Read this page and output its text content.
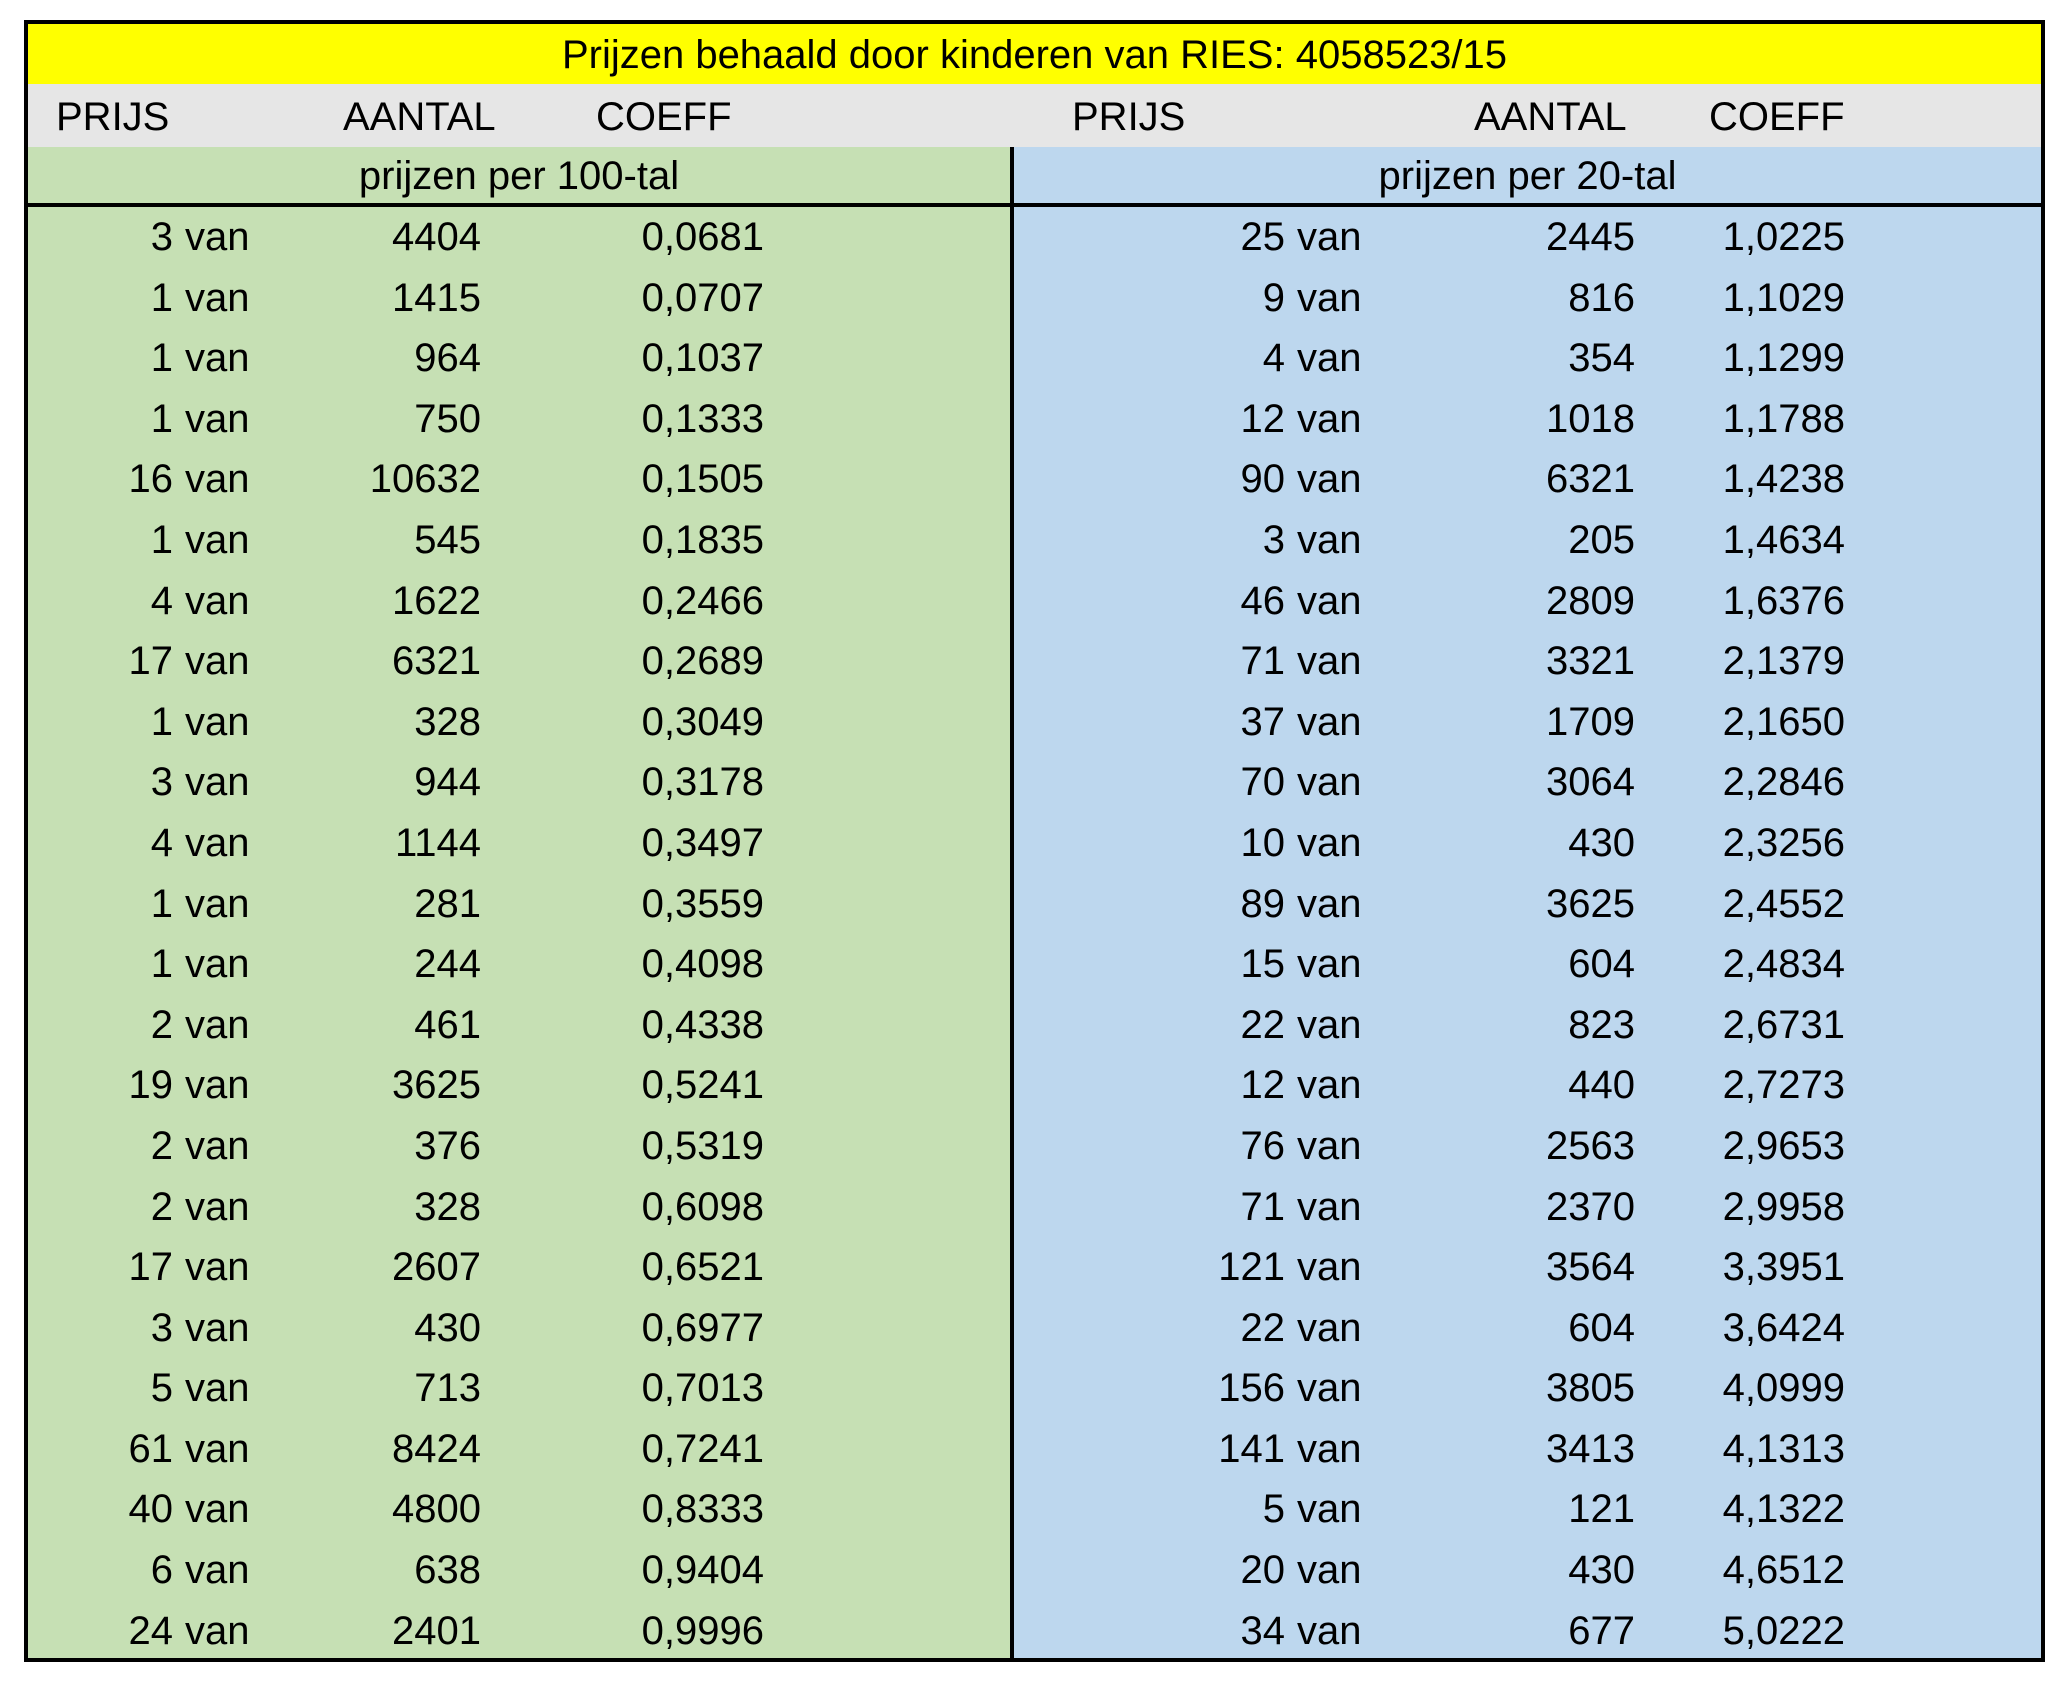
Prijzen behaald door kinderen van RIES: 4058523/15
PRIJS	AANTAL	COEFF	PRIJS	AANTAL COEFF
prijzen per 100-tal
3 van	4404	0,0681
1 van	1415	0,0707
1 van	964	0,1037
1 van	750	0,1333
16 van	10632	0,1505
1 van	545	0,1835
4 van	1622	0,2466
17 van	6321	0,2689
1 van	328	0,3049
3 van	944	0,3178
4 van	1144	0,3497
1 van	281	0,3559
1 van	244	0,4098
2 van	461	0,4338
19 van	3625	0,5241
2 van	376	0,5319
2 van	328	0,6098
17 van	2607	0,6521
3 van	430	0,6977
5 van	713	0,7013
61 van	8424	0,7241
40 van	4800	0,8333
6 van	638	0,9404
24 van	2401	0,9996
prijzen per 20-tal
25 van	2445 1,0225
9 van	816 1,1029
4 van	354 1,1299
12 van	1018 1,1788
90 van	6321 1,4238
3 van	205 1,4634
46 van	2809 1,6376
71 van	3321 2,1379
37 van	1709 2,1650
70 van	3064 2,2846
10 van	430 2,3256
89 van	3625 2,4552
15 van	604 2,4834
22 van	823 2,6731
12 van	440 2,7273
76 van	2563 2,9653
71 van	2370 2,9958
121 van	3564 3,3951
22 van	604 3,6424
156 van	3805 4,0999
141 van	3413 4,1313
5 van	121 4,1322
20 van	430 4,6512
34 van	677 5,0222
